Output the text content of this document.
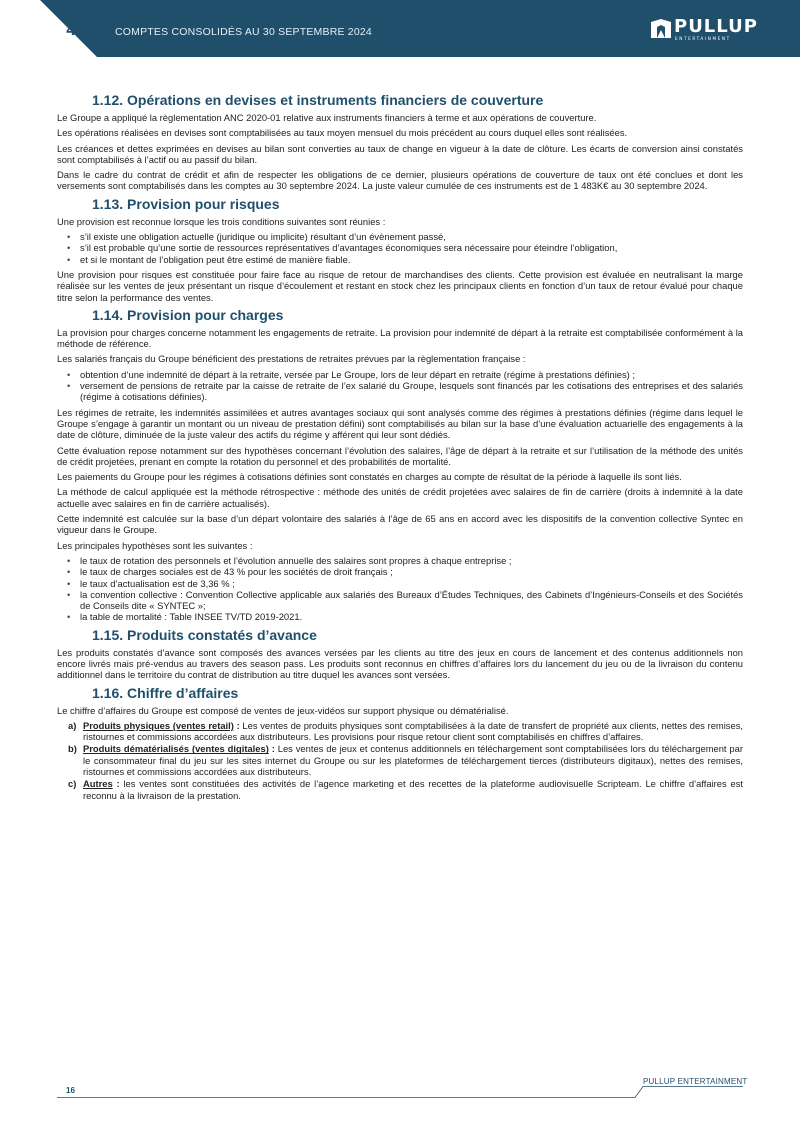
4	COMPTES CONSOLIDÉS AU 30 SEPTEMBRE 2024	PULLUP
ENTERTAINMENT
1.12. Opérations en devises et instruments financiers de couverture

Le Groupe a appliqué la règlementation ANC 2020-01 relative aux instruments financiers à terme et aux opérations de couverture.

Les opérations réalisées en devises sont comptabilisées au taux moyen mensuel du mois précédent au cours duquel elles sont réalisées.

Les créances et dettes exprimées en devises au bilan sont converties au taux de change en vigueur à la date de clôture. Les écarts de conversion ainsi constatés sont comptabilisés à l’actif ou au passif du bilan.

Dans le cadre du contrat de crédit et afin de respecter les obligations de ce dernier, plusieurs opérations de couverture de taux ont été conclues et dont les versements sont comptabilisés dans les comptes au 30 septembre 2024. La juste valeur cumulée de ces instruments est de 1 483K€ au 30 septembre 2024.

1.13. Provision pour risques

Une provision est reconnue lorsque les trois conditions suivantes sont réunies :

• s’il existe une obligation actuelle (juridique ou implicite) résultant d’un évènement passé,
• s’il est probable qu’une sortie de ressources représentatives d’avantages économiques sera nécessaire pour éteindre l’obligation,
• et si le montant de l’obligation peut être estimé de manière fiable.

Une provision pour risques est constituée pour faire face au risque de retour de marchandises des clients. Cette provision est évaluée en neutralisant la marge réalisée sur les ventes de jeux présentant un risque d’écoulement et restant en stock chez les principaux clients en fonction d’un taux de retour évalué pour chaque titre selon la performance des ventes.

1.14. Provision pour charges

La provision pour charges concerne notamment les engagements de retraite. La provision pour indemnité de départ à la retraite est comptabilisée conformément à la méthode de référence.

Les salariés français du Groupe bénéficient des prestations de retraites prévues par la règlementation française :

• obtention d’une indemnité de départ à la retraite, versée par Le Groupe, lors de leur départ en retraite (régime à prestations définies) ;
• versement de pensions de retraite par la caisse de retraite de l’ex salarié du Groupe, lesquels sont financés par les cotisations des entreprises et des salariés (régime à cotisations définies).

Les régimes de retraite, les indemnités assimilées et autres avantages sociaux qui sont analysés comme des régimes à prestations définies (régime dans lequel le Groupe s’engage à garantir un montant ou un niveau de prestation défini) sont comptabilisés au bilan sur la base d’une évaluation actuarielle des engagements à la date de clôture, diminuée de la juste valeur des actifs du régime y afférent qui leur sont dédiés.

Cette évaluation repose notamment sur des hypothèses concernant l’évolution des salaires, l’âge de départ à la retraite et sur l’utilisation de la méthode des unités de crédit projetées, prenant en compte la rotation du personnel et des probabilités de mortalité.

Les paiements du Groupe pour les régimes à cotisations définies sont constatés en charges au compte de résultat de la période à laquelle ils sont liés.

La méthode de calcul appliquée est la méthode rétrospective : méthode des unités de crédit projetées avec salaires de fin de carrière (droits à indemnité à la date actuelle avec salaires en fin de carrière actualisés).

Cette indemnité est calculée sur la base d’un départ volontaire des salariés à l’âge de 65 ans en accord avec les dispositifs de la convention collective Syntec en vigueur dans le Groupe.

Les principales hypothèses sont les suivantes :

• le taux de rotation des personnels et l’évolution annuelle des salaires sont propres à chaque entreprise ;
• le taux de charges sociales est de 43 % pour les sociétés de droit français ;
• le taux d’actualisation est de 3,36 % ;
• la convention collective : Convention Collective applicable aux salariés des Bureaux d’Études Techniques, des Cabinets d’Ingénieurs-Conseils et des Sociétés de Conseils dite « SYNTEC »;
• la table de mortalité : Table INSEE TV/TD 2019-2021.
1.15. Produits constatés d’avance

Les produits constatés d’avance sont composés des avances versées par les clients au titre des jeux en cours de lancement et des contenus additionnels non encore livrés mais pré-vendus au travers des season pass. Les produits sont reconnus en chiffres d’affaires lors du lancement du jeu ou de la livraison du contenu additionnel dans le territoire du contrat de distribution au titre duquel les avances sont versées.

1.16. Chiffre d’affaires

Le chiffre d’affaires du Groupe est composé de ventes de jeux-vidéos sur support physique ou dématérialisé.

a) Produits physiques (ventes retail) : Les ventes de produits physiques sont comptabilisées à la date de transfert de propriété aux clients, nettes des remises, ristournes et commissions accordées aux distributeurs. Les provisions pour risque retour client sont comptabilisés en chiffres d’affaires.
b) Produits dématérialisés (ventes digitales) : Les ventes de jeux et contenus additionnels en téléchargement sont comptabilisées lors du téléchargement par le consommateur final du jeu sur les sites internet du Groupe ou sur les plateformes de téléchargement tierces (distributeurs digitaux), nettes des remises, ristournes et commissions accordées aux distributeurs.
c) Autres : les ventes sont constituées des activités de l’agence marketing et des recettes de la plateforme audiovisuelle Scripteam. Le chiffre d’affaires est reconnu à la livraison de la prestation.
PULLUP ENTERTAINMENT
16
